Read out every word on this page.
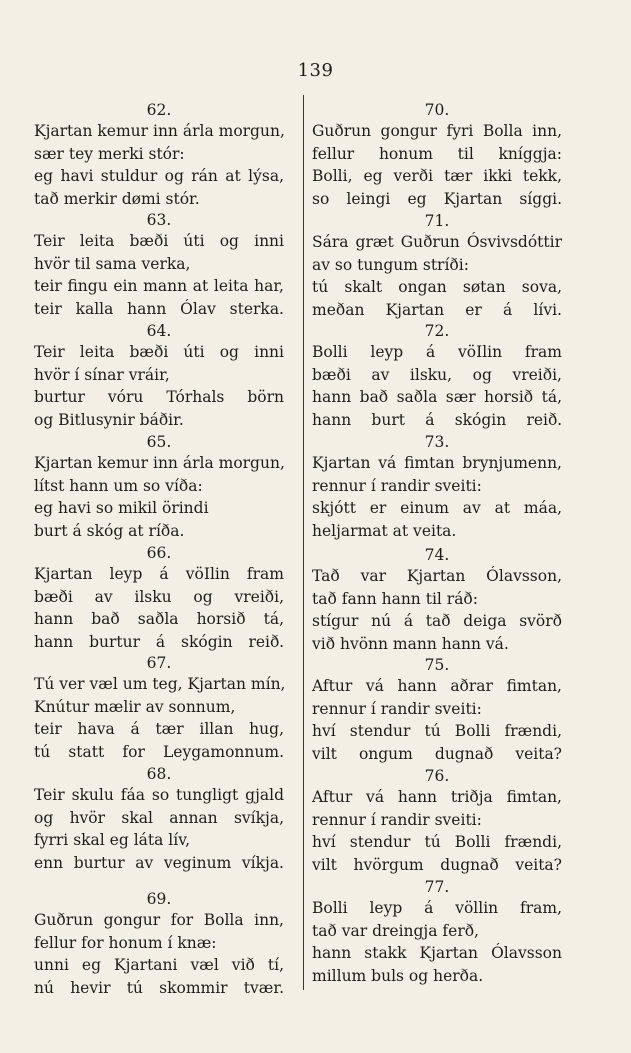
139
62.
Kjartan kemur inn árla morgun,
sær tey merki stór:
eg havi stuldur og rán at lýsa,
tað merkir dømi stór.
63.
Teir leita bæði úti og inni
hvör til sama verka,
teir fingu ein mann at leita har,
teir kalla hann Ólav sterka.
64.
Teir leita bæði úti og inni
hvör í sínar vráir,
burtur vóru Tórhals börn
og Bitlusynir báðir.
65.
Kjartan kemur inn árla morgun,
lítst hann um so víða:
eg havi so mikil örindi
burt á skóg at ríða.
66.
Kjartan leyp á vöIlin fram
bæði av ilsku og vreiði,
hann bað saðla horsið tá,
hann burtur á skógin reið.
67.
Tú ver væl um teg, Kjartan mín,
Knútur mælir av sonnum,
teir hava á tær illan hug,
tú statt for Leygamonnum.
68.
Teir skulu fáa so tungligt gjald
og hvör skal annan svíkja,
fyrri skal eg láta lív,
enn burtur av veginum víkja.
69.
Guðrun gongur for Bolla inn,
fellur for honum í knæ:
unni eg Kjartani væl við tí,
nú hevir tú skommir tvær.
70.
Guðrun gongur fyri Bolla inn,
fellur honum til kníggja:
Bolli, eg verði tær ikki tekk,
so leingi eg Kjartan síggi.
71.
Sára græt Guðrun Ósvivsdóttir
av so tungum stríði:
tú skalt ongan søtan sova,
meðan Kjartan er á lívi.
72.
Bolli leyp á vöIlin fram
bæði av ilsku, og vreiði,
hann bað saðla sær horsið tá,
hann burt á skógin reið.
73.
Kjartan vá fimtan brynjumenn,
rennur í randir sveiti:
skjótt er einum av at máa,
heljarmat at veita.
74.
Tað var Kjartan Ólavsson,
tað fann hann til ráð:
stígur nú á tað deiga svörð
við hvönn mann hann vá.
75.
Aftur vá hann aðrar fimtan,
rennur í randir sveiti:
hví stendur tú Bolli frændi,
vilt ongum dugnað veita?
76.
Aftur vá hann triðja fimtan,
rennur í randir sveiti:
hví stendur tú Bolli frændi,
vilt hvörgum dugnað veita?
77.
Bolli leyp á völlin fram,
tað var dreingja ferð,
hann stakk Kjartan Ólavsson
millum buls og herða.
